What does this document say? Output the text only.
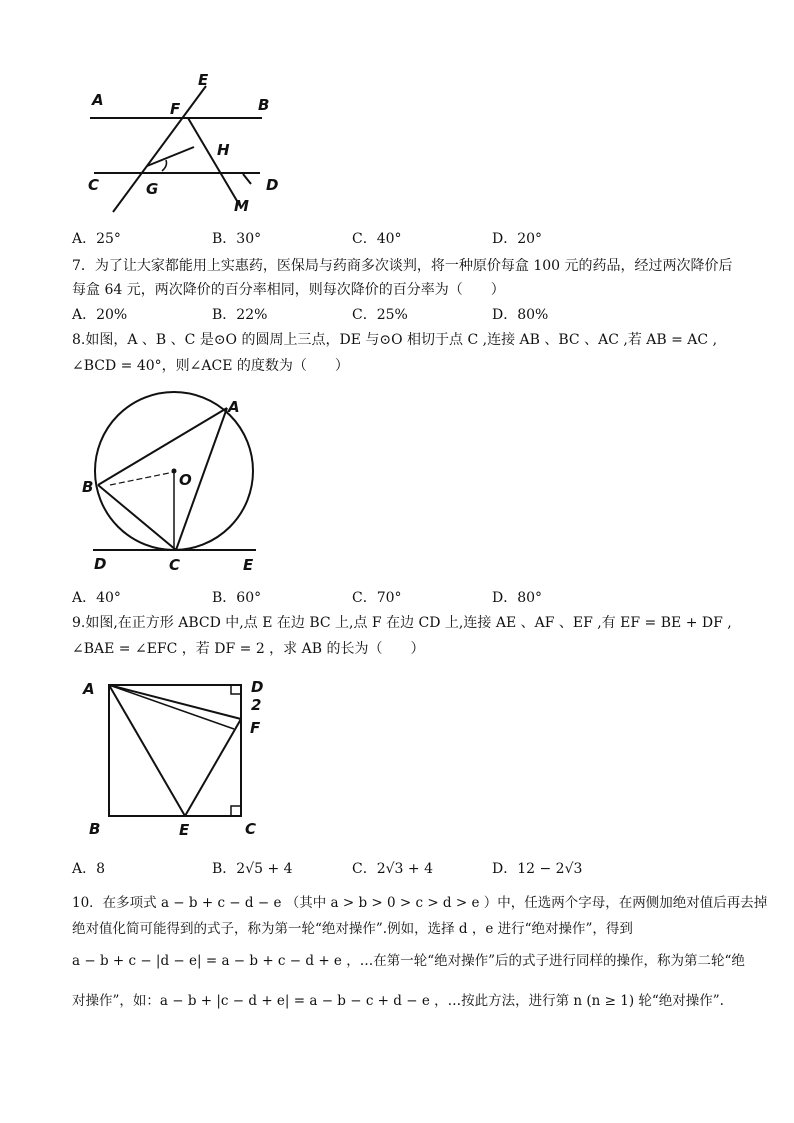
A	B
C	D
E
F
G
H
M
A．25°	B．30°	C．40°	D．20°
7．为了让大家都能用上实惠药，医保局与药商多次谈判，将一种原价每盒 100 元的药品，经过两次降价后
每盒 64 元，两次降价的百分率相同，则每次降价的百分率为（　　）
A．20%	B．22%	C．25%	D．80%
8.如图，A 、B 、C 是⊙O 的圆周上三点，DE 与⊙O 相切于点 C ,连接 AB 、BC 、AC ,若 AB = AC ,
∠BCD = 40°，则∠ACE 的度数为（　　）
A
B	O
D	C	E
A．40°	B．60°	C．70°	D．80°
9.如图,在正方形 ABCD 中,点 E 在边 BC 上,点 F 在边 CD 上,连接 AE 、AF 、EF ,有 EF = BE + DF ,
∠BAE = ∠EFC ，若 DF = 2 ，求 AB 的长为（　　）
A	D
2
F
B	E	C
A．8	B．2√5 + 4	C．2√3 + 4	D．12 − 2√3
10．在多项式 a − b + c − d − e （其中 a > b > 0 > c > d > e ）中，任选两个字母，在两侧加绝对值后再去掉
绝对值化简可能得到的式子，称为第一轮“绝对操作”.例如，选择 d ，e 进行“绝对操作”，得到
a − b + c − |d − e| = a − b + c − d + e ，…在第一轮“绝对操作”后的式子进行同样的操作，称为第二轮“绝
对操作”，如：a − b + |c − d + e| = a − b − c + d − e ，…按此方法，进行第 n (n ≥ 1) 轮“绝对操作”.
